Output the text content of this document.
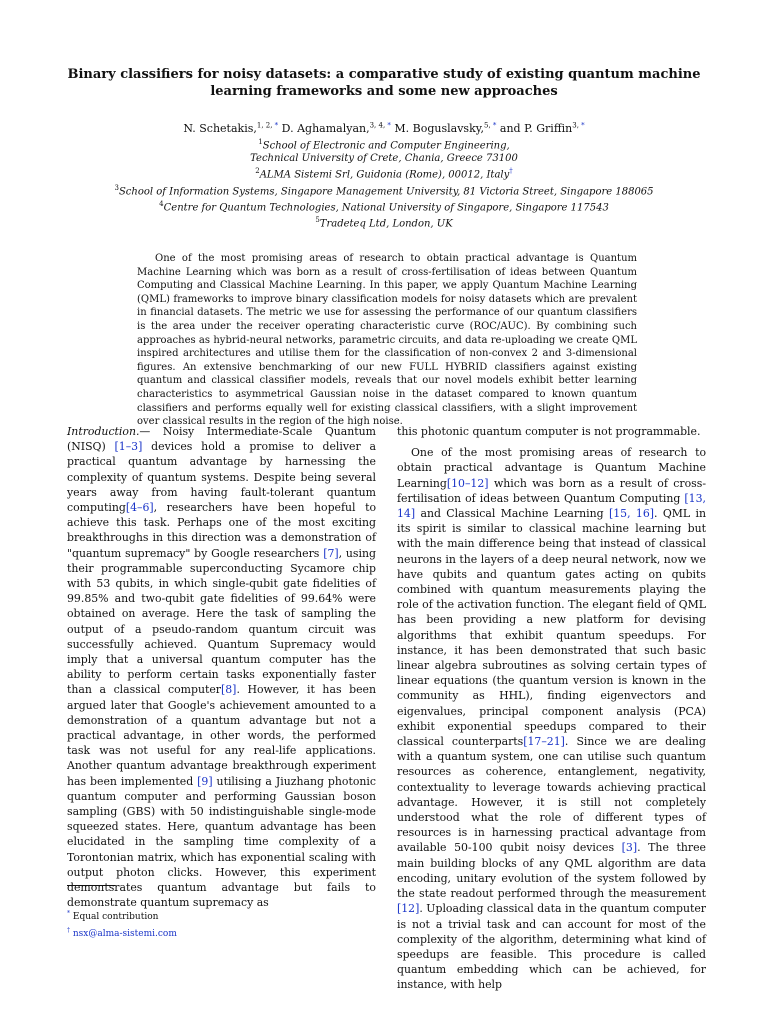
Binary classifiers for noisy datasets: a comparative study of existing quantum machine learning frameworks and some new approaches
N. Schetakis,$^{1, 2,}$ * D. Aghamalyan,$^{3, 4,}$ * M. Boguslavsky,$^{5,}$ * and P. Griffin$^{3,}$ *
$^1$School of Electronic and Computer Engineering,
Technical University of Crete, Chania, Greece 73100
$^2$ALMA Sistemi Srl, Guidonia (Rome), 00012, Italy†
$^3$School of Information Systems, Singapore Management University, 81 Victoria Street, Singapore 188065
$^4$Centre for Quantum Technologies, National University of Singapore, Singapore 117543
$^5$Tradeteq Ltd, London, UK

One of the most promising areas of research to obtain practical advantage is Quantum Machine Learning which was born as a result of cross-fertilisation of ideas between Quantum Computing and Classical Machine Learning. In this paper, we apply Quantum Machine Learning (QML) frameworks to improve binary classification models for noisy datasets which are prevalent in financial datasets. The metric we use for assessing the performance of our quantum classifiers is the area under the receiver operating characteristic curve (ROC/AUC). By combining such approaches as hybrid-neural networks, parametric circuits, and data re-uploading we create QML inspired architectures and utilise them for the classification of non-convex 2 and 3-dimensional figures. An extensive benchmarking of our new FULL HYBRID classifiers against existing quantum and classical classifier models, reveals that our novel models exhibit better learning characteristics to asymmetrical Gaussian noise in the dataset compared to known quantum classifiers and performs equally well for existing classical classifiers, with a slight improvement over classical results in the region of the high noise.

Introduction.— Noisy Intermediate-Scale Quantum (NISQ) [1–3] devices hold a promise to deliver a practical quantum advantage by harnessing the complexity of quantum systems. Despite being several years away from having fault-tolerant quantum computing[4–6], researchers have been hopeful to achieve this task. Perhaps one of the most exciting breakthroughs in this direction was a demonstration of "quantum supremacy" by Google researchers [7], using their programmable superconducting Sycamore chip with 53 qubits, in which single-qubit gate fidelities of 99.85% and two-qubit gate fidelities of 99.64% were obtained on average. Here the task of sampling the output of a pseudo-random quantum circuit was successfully achieved. Quantum Supremacy would imply that a universal quantum computer has the ability to perform certain tasks exponentially faster than a classical computer[8]. However, it has been argued later that Google's achievement amounted to a demonstration of a quantum advantage but not a practical advantage, in other words, the performed task was not useful for any real-life applications. Another quantum advantage breakthrough experiment has been implemented [9] utilising a Jiuzhang photonic quantum computer and performing Gaussian boson sampling (GBS) with 50 indistinguishable single-mode squeezed states. Here, quantum advantage has been elucidated in the sampling time complexity of a Torontonian matrix, which has exponential scaling with output photon clicks. However, this experiment demontsrates quantum advantage but fails to demonstrate quantum supremacy as

this photonic quantum computer is not programmable.

One of the most promising areas of research to obtain practical advantage is Quantum Machine Learning[10–12] which was born as a result of cross-fertilisation of ideas between Quantum Computing [13, 14] and Classical Machine Learning [15, 16]. QML in its spirit is similar to classical machine learning but with the main difference being that instead of classical neurons in the layers of a deep neural network, now we have qubits and quantum gates acting on qubits combined with quantum measurements playing the role of the activation function. The elegant field of QML has been providing a new platform for devising algorithms that exhibit quantum speedups. For instance, it has been demonstrated that such basic linear algebra subroutines as solving certain types of linear equations (the quantum version is known in the community as HHL), finding eigenvectors and eigenvalues, principal component analysis (PCA) exhibit exponential speedups compared to their classical counterparts[17–21]. Since we are dealing with a quantum system, one can utilise such quantum resources as coherence, entanglement, negativity, contextuality to leverage towards achieving practical advantage. However, it is still not completely understood what the role of different types of resources is in harnessing practical advantage from available 50-100 qubit noisy devices [3]. The three main building blocks of any QML algorithm are data encoding, unitary evolution of the system followed by the state readout performed through the measurement [12]. Uploading classical data in the quantum computer is not a trivial task and can account for most of the complexity of the algorithm, determining what kind of speedups are feasible. This procedure is called quantum embedding which can be achieved, for instance, with help

* Equal contribution
† nsx@alma-sistemi.com
